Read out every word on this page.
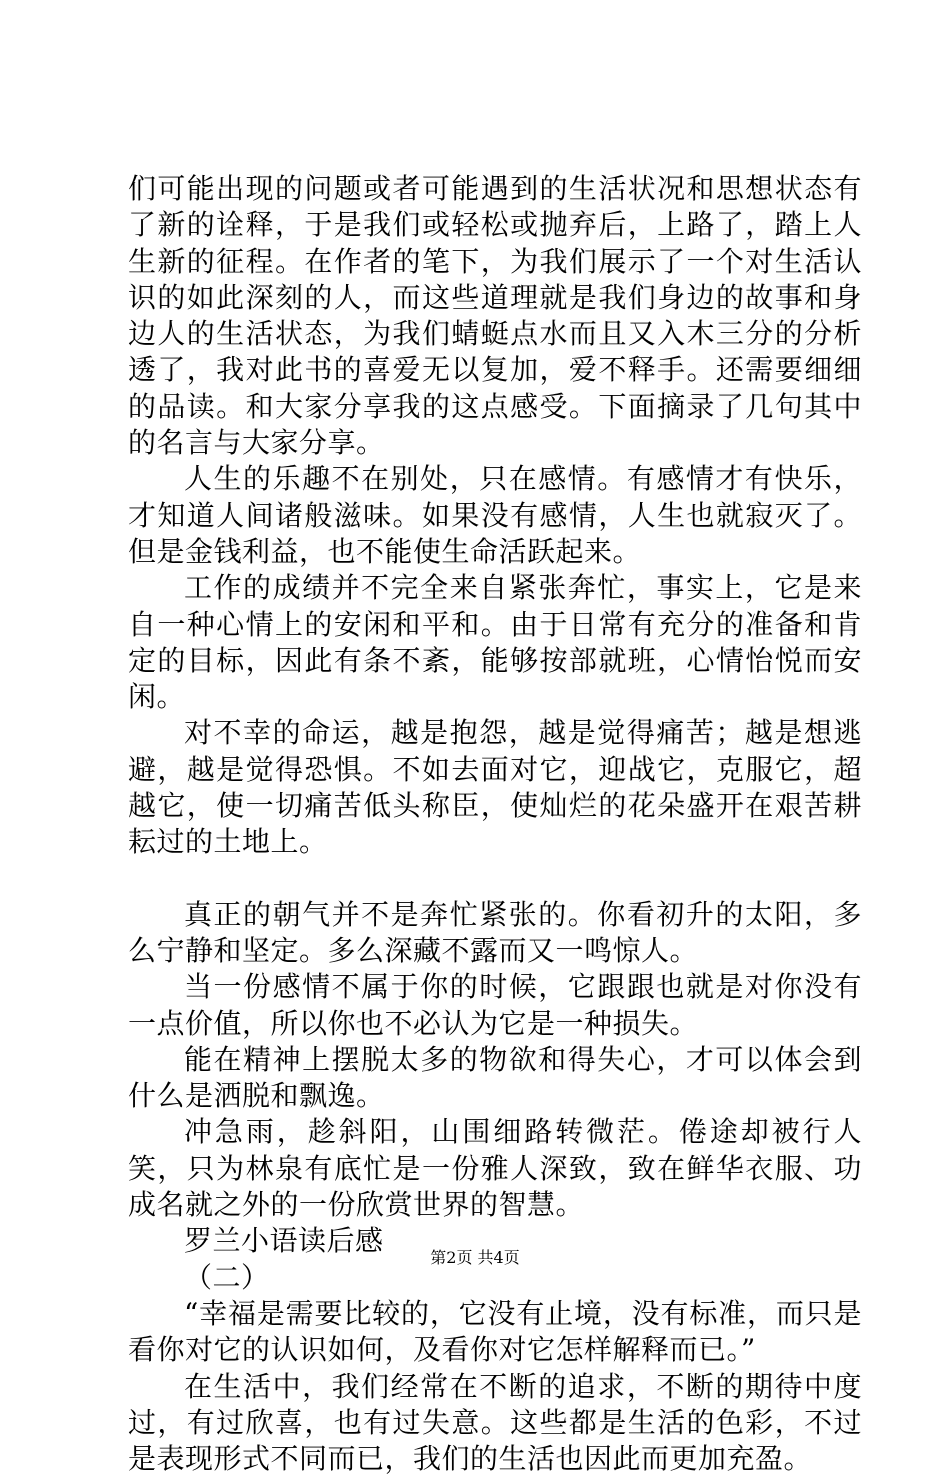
们可能出现的问题或者可能遇到的生活状况和思想状态有了新的诠释，于是我们或轻松或抛弃后，上路了，踏上人生新的征程。在作者的笔下，为我们展示了一个对生活认识的如此深刻的人，而这些道理就是我们身边的故事和身边人的生活状态，为我们蜻蜓点水而且又入木三分的分析透了，我对此书的喜爱无以复加，爱不释手。还需要细细的品读。和大家分享我的这点感受。下面摘录了几句其中的名言与大家分享。

人生的乐趣不在别处，只在感情。有感情才有快乐，才知道人间诸般滋味。如果没有感情，人生也就寂灭了。但是金钱利益，也不能使生命活跃起来。

工作的成绩并不完全来自紧张奔忙，事实上，它是来自一种心情上的安闲和平和。由于日常有充分的准备和肯定的目标，因此有条不紊，能够按部就班，心情怡悦而安闲。

对不幸的命运，越是抱怨，越是觉得痛苦；越是想逃避，越是觉得恐惧。不如去面对它，迎战它，克服它，超越它，使一切痛苦低头称臣，使灿烂的花朵盛开在艰苦耕耘过的土地上。

真正的朝气并不是奔忙紧张的。你看初升的太阳，多么宁静和坚定。多么深藏不露而又一鸣惊人。

当一份感情不属于你的时候，它跟跟也就是对你没有一点价值，所以你也不必认为它是一种损失。

能在精神上摆脱太多的物欲和得失心，才可以体会到什么是洒脱和飘逸。

冲急雨，趁斜阳，山围细路转微茫。倦途却被行人笑，只为林泉有底忙是一份雅人深致，致在鲜华衣服、功成名就之外的一份欣赏世界的智慧。

罗兰小语读后感

（二）

“幸福是需要比较的，它没有止境，没有标准，而只是看你对它的认识如何，及看你对它怎样解释而已。”

在生活中，我们经常在不断的追求，不断的期待中度过，有过欣喜，也有过失意。这些都是生活的色彩，不过是表现形式不同而已，我们的生活也因此而更加充盈。

第2页 共4页
